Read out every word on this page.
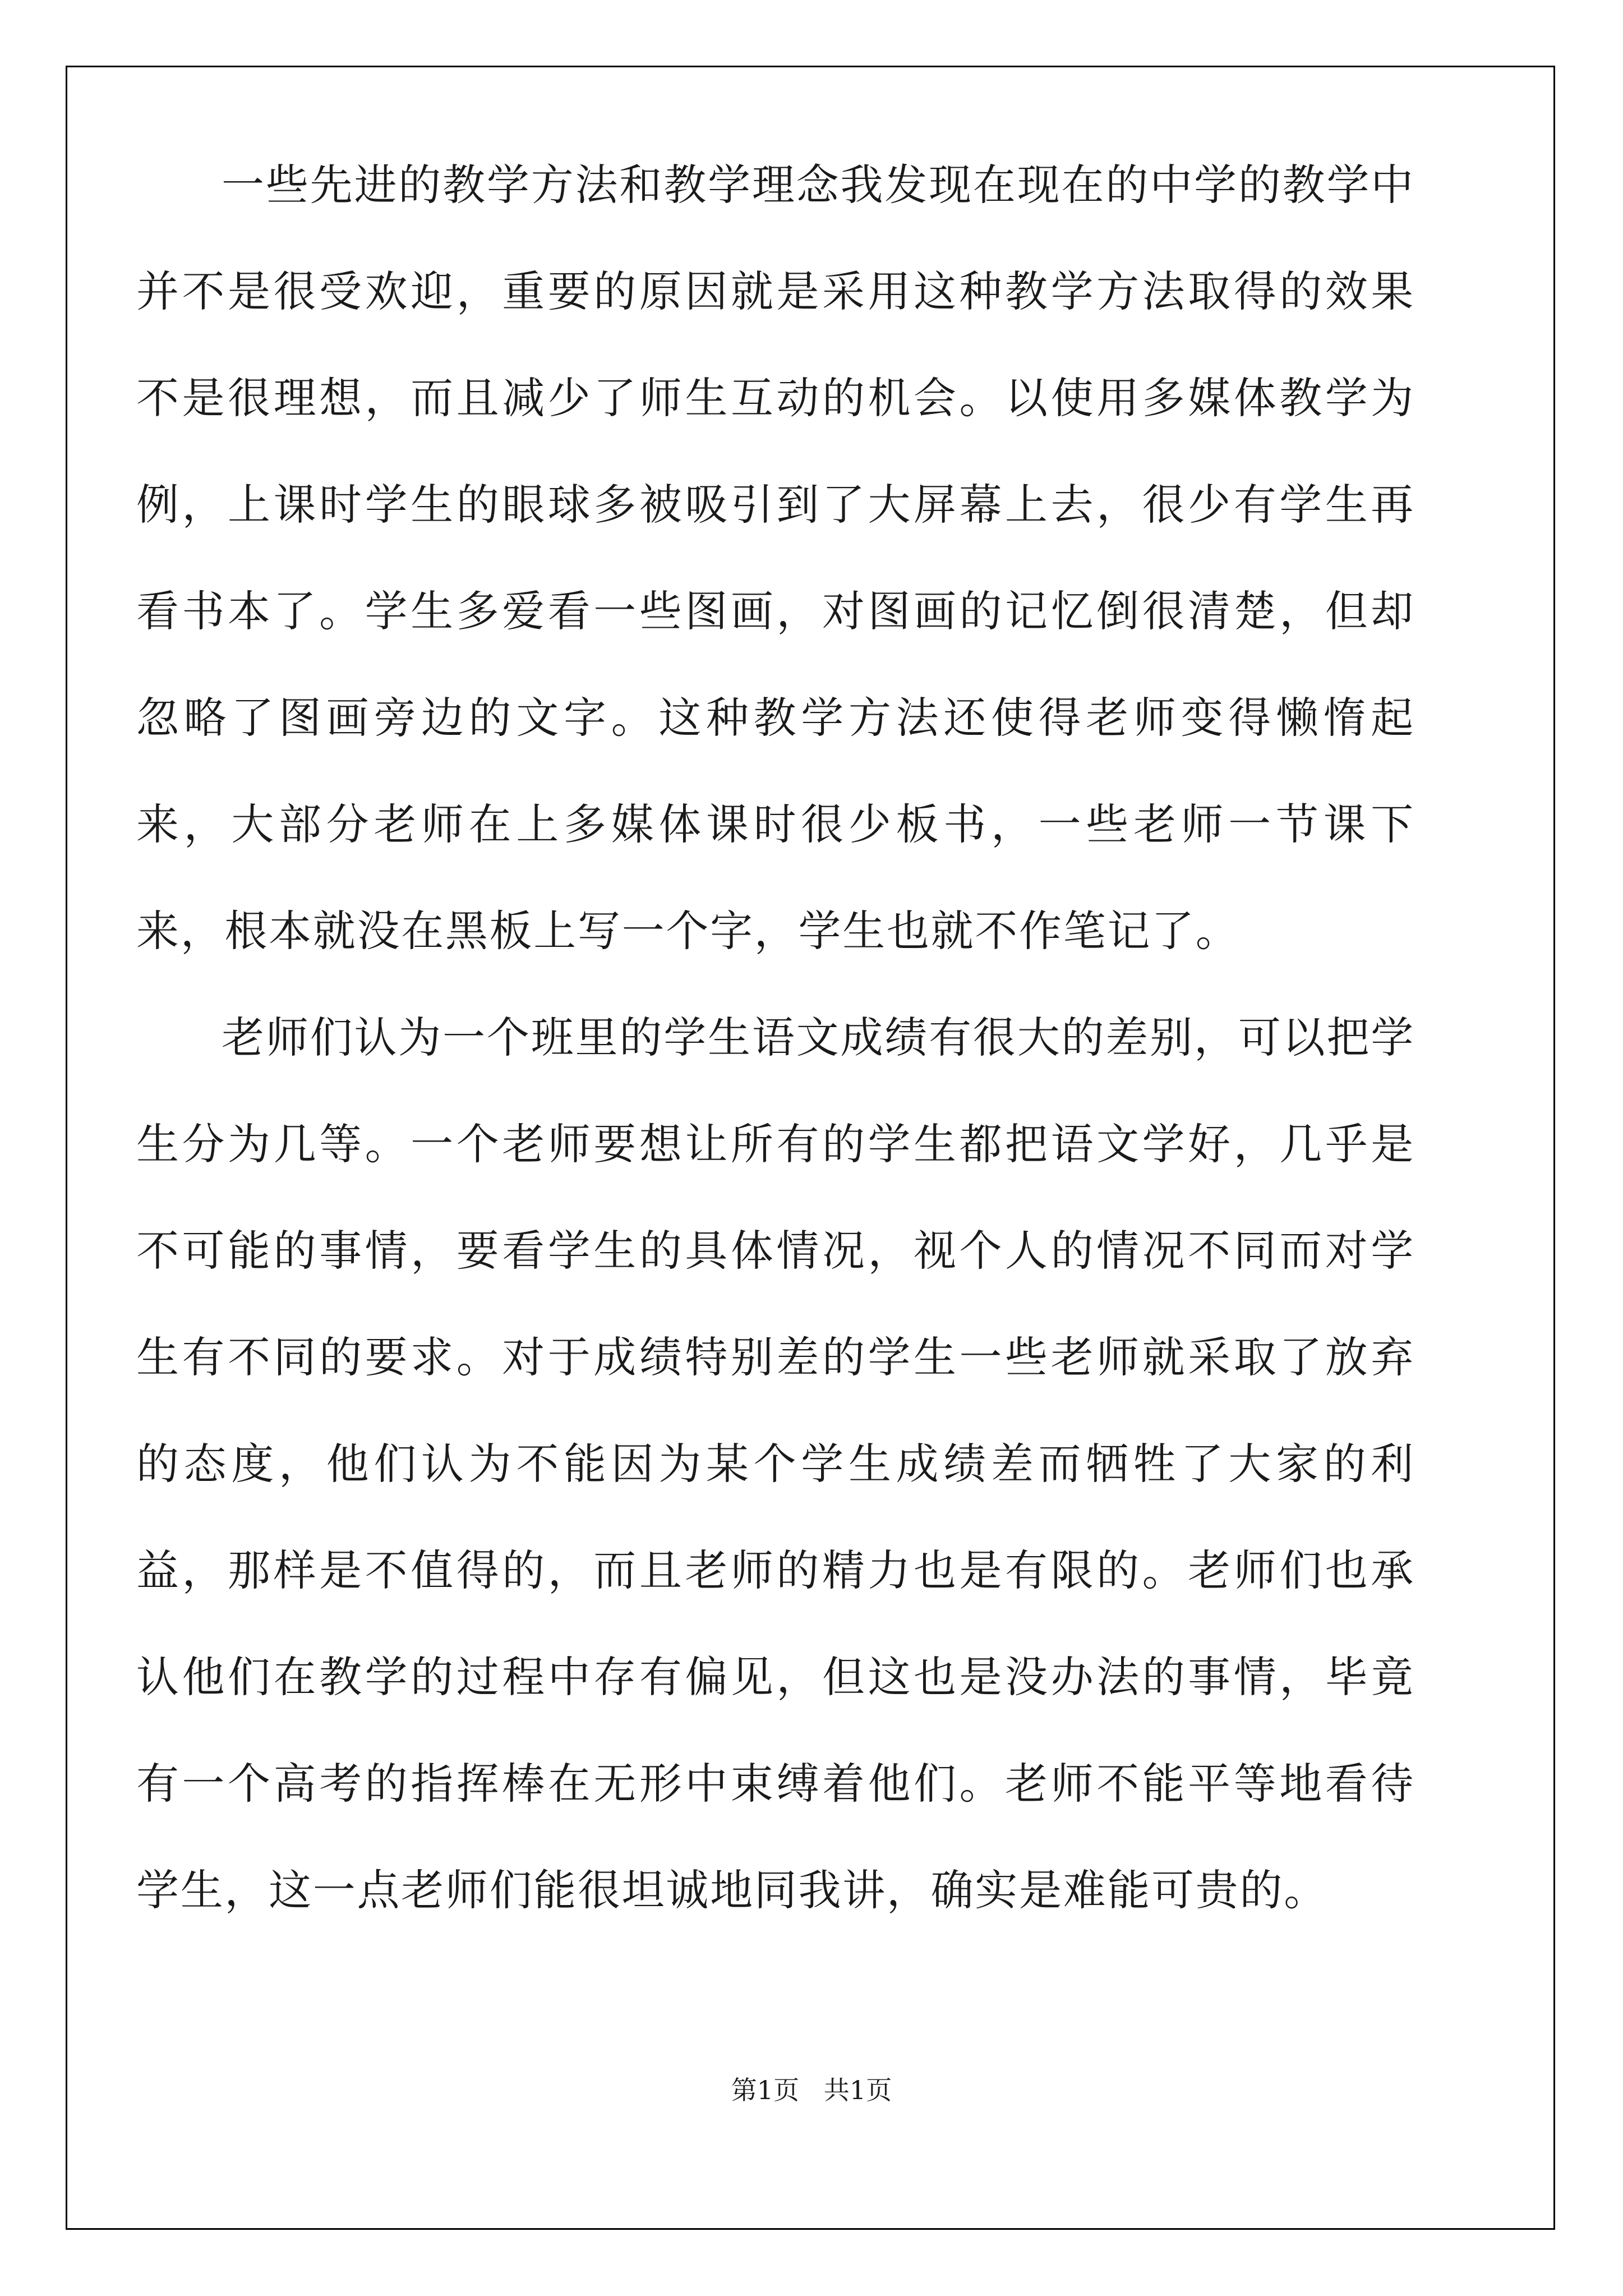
一些先进的教学方法和教学理念我发现在现在的中学的教学中并不是很受欢迎，重要的原因就是采用这种教学方法取得的效果不是很理想，而且减少了师生互动的机会。以使用多媒体教学为例，上课时学生的眼球多被吸引到了大屏幕上去，很少有学生再看书本了。学生多爱看一些图画，对图画的记忆倒很清楚，但却忽略了图画旁边的文字。这种教学方法还使得老师变得懒惰起来，大部分老师在上多媒体课时很少板书，一些老师一节课下来，根本就没在黑板上写一个字，学生也就不作笔记了。

老师们认为一个班里的学生语文成绩有很大的差别，可以把学生分为几等。一个老师要想让所有的学生都把语文学好，几乎是不可能的事情，要看学生的具体情况，视个人的情况不同而对学生有不同的要求。对于成绩特别差的学生一些老师就采取了放弃的态度，他们认为不能因为某个学生成绩差而牺牲了大家的利益，那样是不值得的，而且老师的精力也是有限的。老师们也承认他们在教学的过程中存有偏见，但这也是没办法的事情，毕竟有一个高考的指挥棒在无形中束缚着他们。老师不能平等地看待学生，这一点老师们能很坦诚地同我讲，确实是难能可贵的。

第1页   共1页
